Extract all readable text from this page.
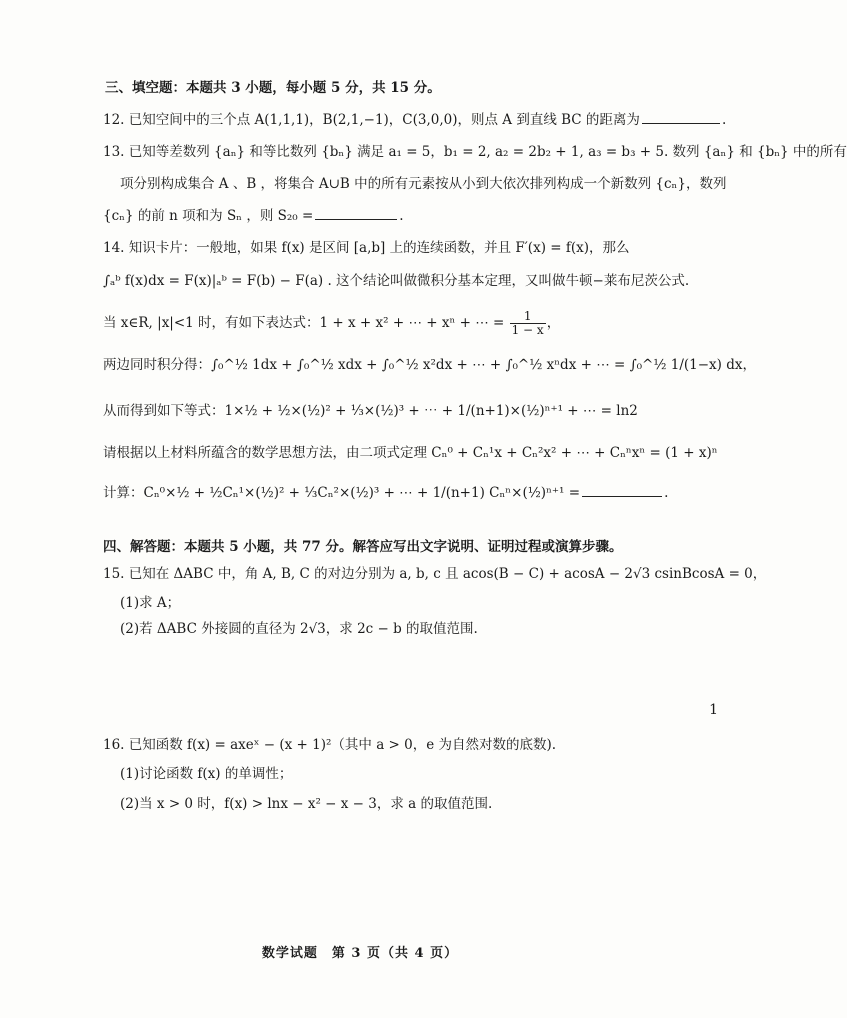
三、填空题：本题共 3 小题，每小题 5 分，共 15 分。
12. 已知空间中的三个点 A(1,1,1)，B(2,1,−1)，C(3,0,0)，则点 A 到直线 BC 的距离为	.
13. 已知等差数列 {aₙ} 和等比数列 {bₙ} 满足 a₁ = 5，b₁ = 2, a₂ = 2b₂ + 1, a₃ = b₃ + 5. 数列 {aₙ} 和 {bₙ} 中的所有
项分别构成集合 A 、B ，将集合 A∪B 中的所有元素按从小到大依次排列构成一个新数列 {cₙ}，数列
{cₙ} 的前 n 项和为 Sₙ ，则 S₂₀ =	.
14. 知识卡片：一般地，如果 f(x) 是区间 [a,b] 上的连续函数，并且 F′(x) = f(x)，那么
∫ₐᵇ f(x)dx = F(x)|ₐᵇ = F(b) − F(a) . 这个结论叫做微积分基本定理，又叫做牛顿−莱布尼茨公式.
当 x∈R, |x|<1 时，有如下表达式：1 + x + x² + ⋯ + xⁿ + ⋯ = $\frac{1}{1 - x}$ ，
两边同时积分得：∫₀^½ 1dx + ∫₀^½ xdx + ∫₀^½ x²dx + ⋯ + ∫₀^½ xⁿdx + ⋯ = ∫₀^½ 1/(1−x) dx，
从而得到如下等式：1×½ + ½×(½)² + ⅓×(½)³ + ⋯ + 1/(n+1)×(½)ⁿ⁺¹ + ⋯ = ln2
请根据以上材料所蕴含的数学思想方法，由二项式定理 Cₙ⁰ + Cₙ¹x + Cₙ²x² + ⋯ + Cₙⁿxⁿ = (1 + x)ⁿ
计算：Cₙ⁰×½ + ½Cₙ¹×(½)² + ⅓Cₙ²×(½)³ + ⋯ + 1/(n+1) Cₙⁿ×(½)ⁿ⁺¹ =	.
四、解答题：本题共 5 小题，共 77 分。解答应写出文字说明、证明过程或演算步骤。
15. 已知在 ΔABC 中，角 A, B, C 的对边分别为 a, b, c 且 acos(B − C) + acosA − 2√3 csinBcosA = 0，
(1)求 A；
(2)若 ΔABC 外接圆的直径为 2√3，求 2c − b 的取值范围.
1
16. 已知函数 f(x) = axeˣ − (x + 1)²（其中 a > 0，e 为自然对数的底数).
(1)讨论函数 f(x) 的单调性；
(2)当 x > 0 时，f(x) > lnx − x² − x − 3，求 a 的取值范围.
数学试题　第 3 页（共 4 页）
